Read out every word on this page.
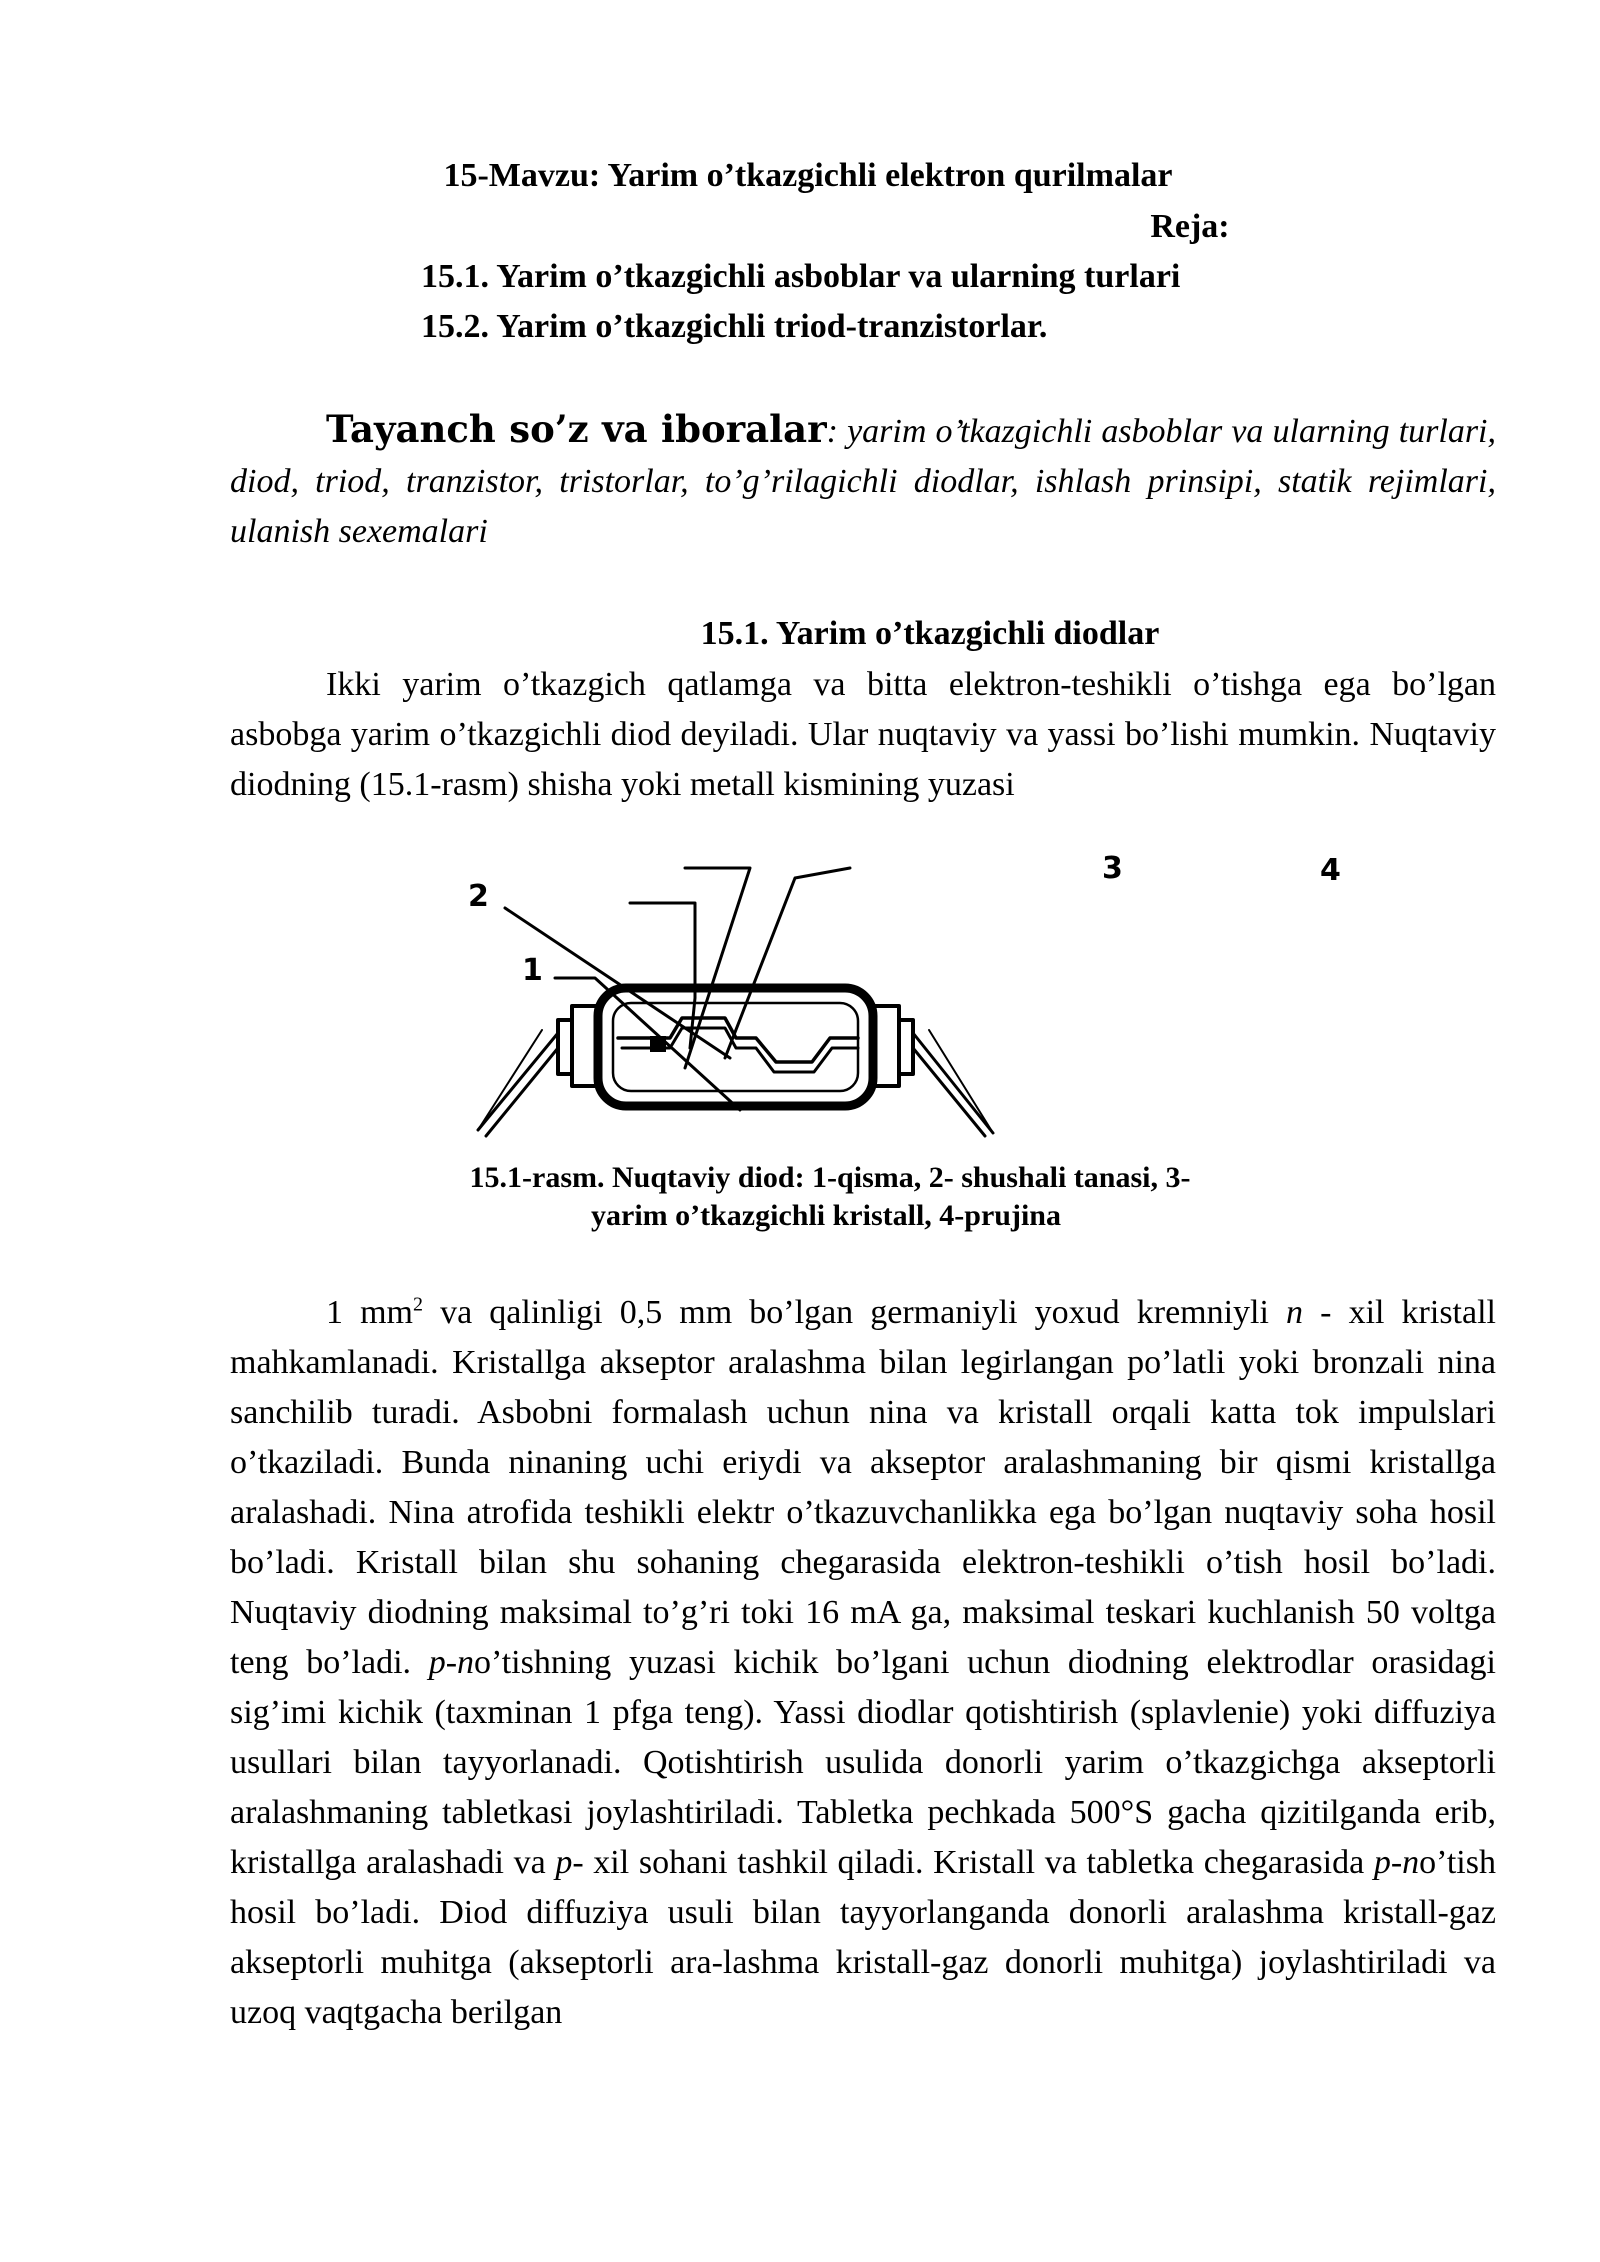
15-Mavzu: Yarim o’tkazgichli elektron qurilmalar
Reja:
15.1. Yarim o’tkazgichli asboblar va ularning turlari
15.2. Yarim o’tkazgichli triod-tranzistorlar.
Tayanch so’z va iboralar: yarim o’tkazgichli asboblar va ularning turlari, diod, triod, tranzistor, tristorlar, to’g’rilagichli diodlar, ishlash prinsipi, statik rejimlari, ulanish sexemalari
15.1. Yarim o’tkazgichli diodlar
Ikki yarim o’tkazgich qatlamga va bitta elektron-teshikli o’tishga ega bo’lgan asbobga yarim o’tkazgichli diod deyiladi. Ular nuqtaviy va yassi bo’lishi mumkin. Nuqtaviy diodning (15.1-rasm) shisha yoki metall kismining yuzasi
2
1
3	4
15.1-rasm. Nuqtaviy diod: 1-qisma, 2- shushali tanasi, 3-
yarim o’tkazgichli kristall, 4-prujina
1 $mm^2$ va qalinligi 0,5 mm bo’lgan germaniyli yoxud kremniyli n - xil kristall mahkamlanadi. Kristallga akseptor aralashma bilan legirlangan po’latli yoki bronzali nina sanchilib turadi. Asbobni formalash uchun nina va kristall orqali katta tok impulslari o’tkaziladi. Bunda ninaning uchi eriydi va akseptor aralashmaning bir qismi kristallga aralashadi. Nina atrofida teshikli elektr o’tkazuvchanlikka ega bo’lgan nuqtaviy soha hosil bo’ladi. Kristall bilan shu sohaning chegarasida elektron-teshikli o’tish hosil bo’ladi. Nuqtaviy diodning maksimal to’g’ri toki 16 mA ga, maksimal teskari kuchlanish 50 voltga teng bo’ladi. p-no’tishning yuzasi kichik bo’lgani uchun diodning elektrodlar orasidagi sig’imi kichik (taxminan 1 pfga teng). Yassi diodlar qotishtirish (splavlenie) yoki diffuziya usullari bilan tayyorlanadi. Qotishtirish usulida donorli yarim o’tkazgichga akseptorli aralashmaning tabletkasi joylashtiriladi. Tabletka pechkada 500°S gacha qizitilganda erib, kristallga aralashadi va p- xil sohani tashkil qiladi. Kristall va tabletka chegarasida p-no’tish hosil bo’ladi. Diod diffuziya usuli bilan tayyorlanganda donorli aralashma kristall-gaz akseptorli muhitga (akseptorli ara-lashma kristall-gaz donorli muhitga) joylashtiriladi va uzoq vaqtgacha berilgan
